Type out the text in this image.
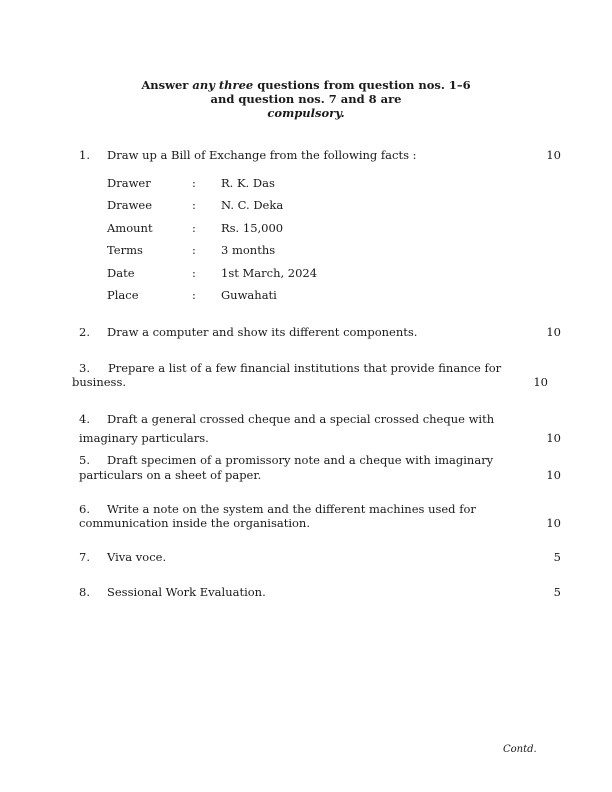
Answer any three questions from question nos. 1–6
and question nos. 7 and 8 are
compulsory.
1. Draw up a Bill of Exchange from the following facts :	10
Drawer	: R. K. Das
Drawee	: N. C. Deka
Amount	: Rs. 15,000
Terms	: 3 months
Date	: 1st March, 2024
Place	: Guwahati
2. Draw a computer and show its different components.	10
3. Prepare a list of a few financial institutions that provide finance for
business.	10
4. Draft a general crossed cheque and a special crossed cheque with
imaginary particulars.	10
5. Draft specimen of a promissory note and a cheque with imaginary
particulars on a sheet of paper.	10
6. Write a note on the system and the different machines used for
communication inside the organisation.	10
7. Viva voce.	5
8. Sessional Work Evaluation.	5
Contd.
